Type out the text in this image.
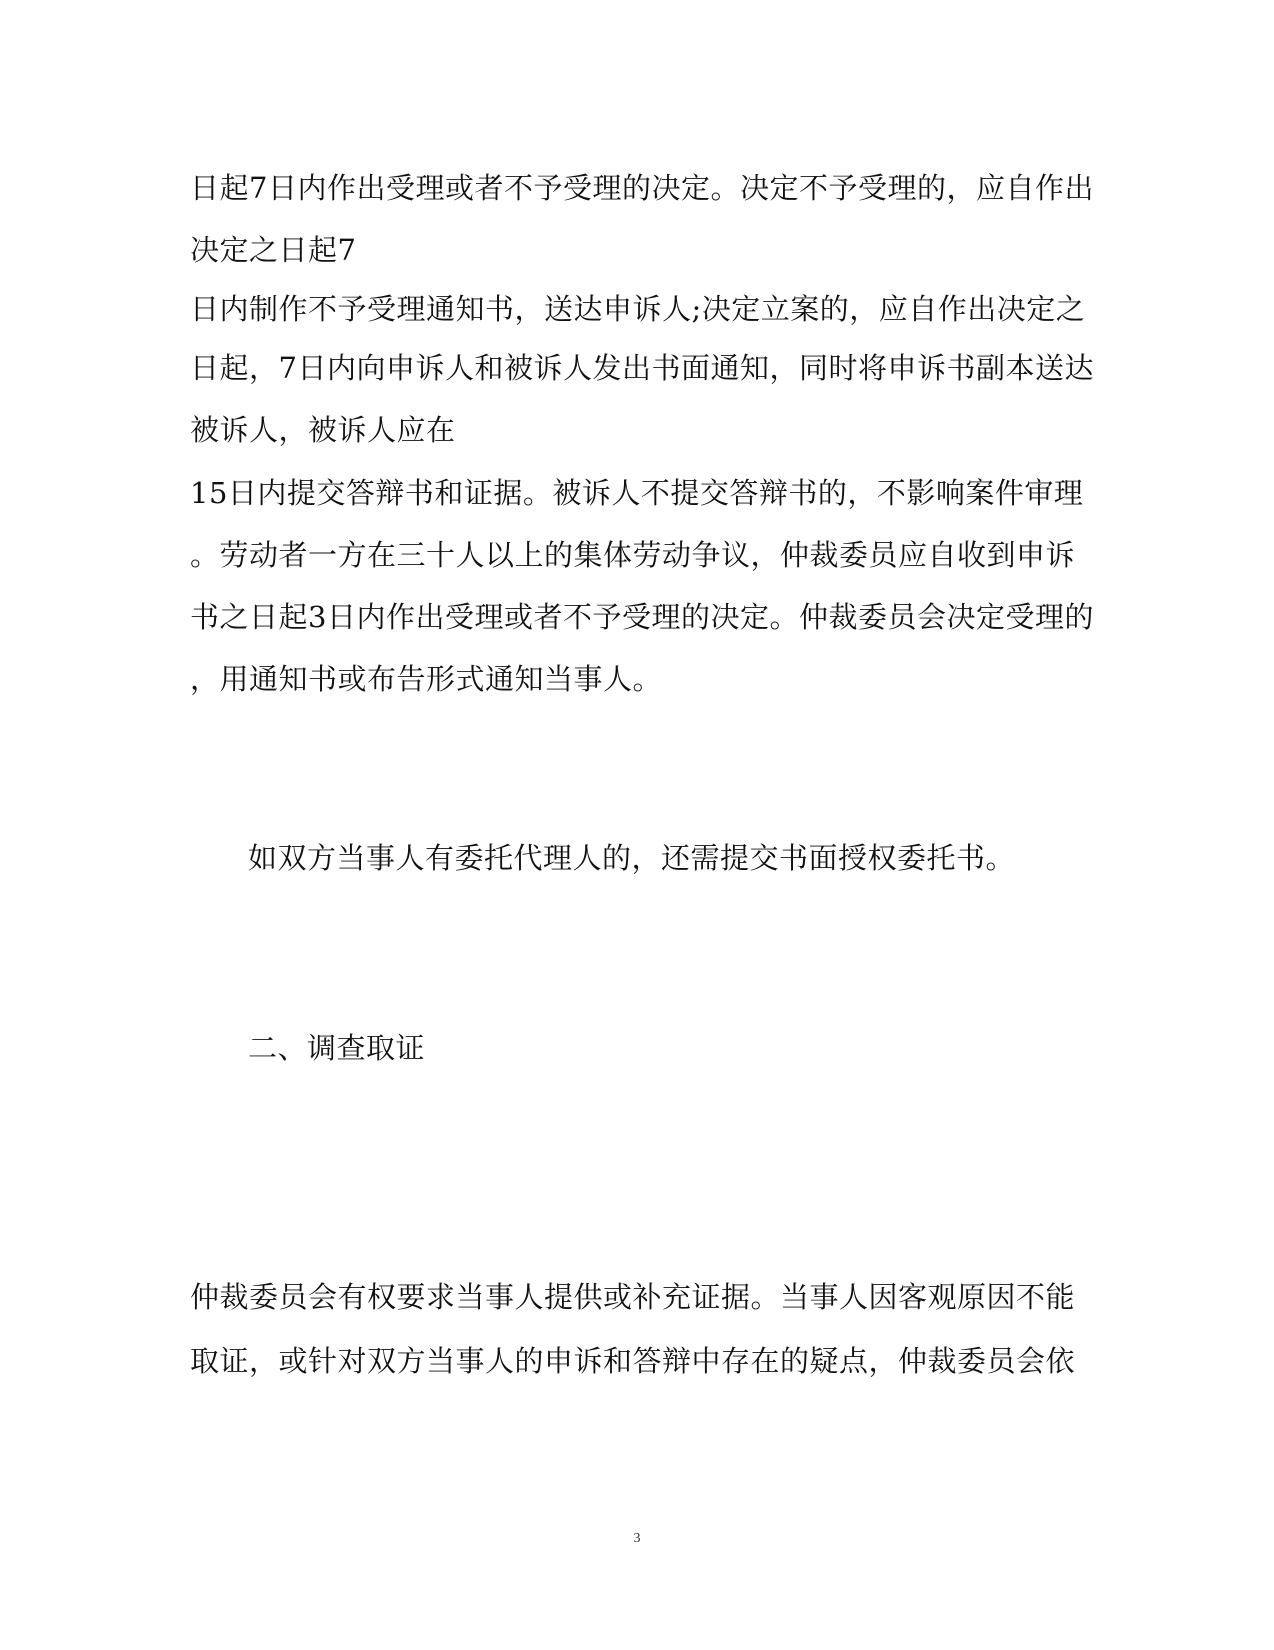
日起7日内作出受理或者不予受理的决定。决定不予受理的，应自作出
决定之日起7
日内制作不予受理通知书，送达申诉人;决定立案的，应自作出决定之
日起，7日内向申诉人和被诉人发出书面通知，同时将申诉书副本送达
被诉人，被诉人应在
15日内提交答辩书和证据。被诉人不提交答辩书的，不影响案件审理
。劳动者一方在三十人以上的集体劳动争议，仲裁委员应自收到申诉
书之日起3日内作出受理或者不予受理的决定。仲裁委员会决定受理的
，用通知书或布告形式通知当事人。
如双方当事人有委托代理人的，还需提交书面授权委托书。
二、调查取证
仲裁委员会有权要求当事人提供或补充证据。当事人因客观原因不能
取证，或针对双方当事人的申诉和答辩中存在的疑点，仲裁委员会依
3
